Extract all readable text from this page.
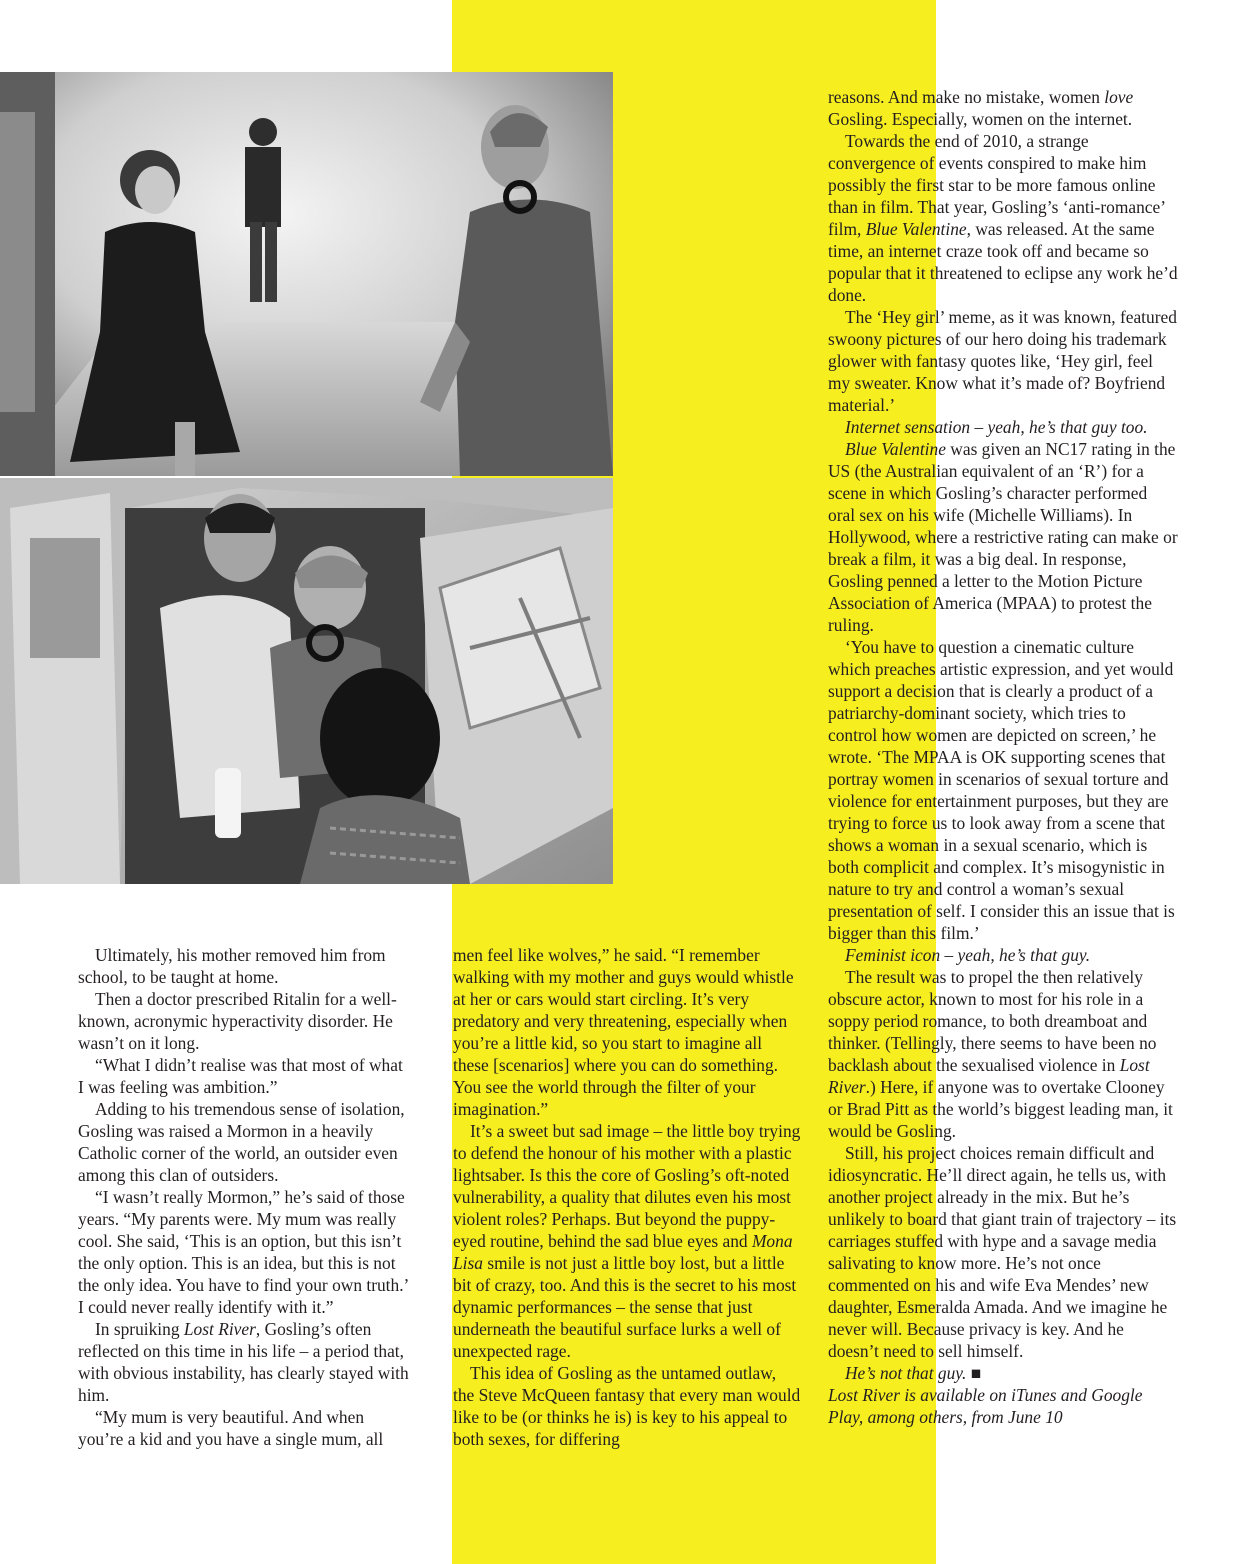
Ultimately, his mother removed him from school, to be taught at home.

Then a doctor prescribed Ritalin for a well-known, acronymic hyperactivity disorder. He wasn’t on it long.

“What I didn’t realise was that most of what I was feeling was ambition.”

Adding to his tremendous sense of isolation, Gosling was raised a Mormon in a heavily Catholic corner of the world, an outsider even among this clan of outsiders.

“I wasn’t really Mormon,” he’s said of those years. “My parents were. My mum was really cool. She said, ‘This is an option, but this isn’t the only option. This is an idea, but this is not the only idea. You have to find your own truth.’ I could never really identify with it.”

In spruiking Lost River, Gosling’s often reflected on this time in his life – a period that, with obvious instability, has clearly stayed with him.

“My mum is very beautiful. And when you’re a kid and you have a single mum, all

men feel like wolves,” he said. “I remember walking with my mother and guys would whistle at her or cars would start circling. It’s very predatory and very threatening, especially when you’re a little kid, so you start to imagine all these [scenarios] where you can do something. You see the world through the filter of your imagination.”

It’s a sweet but sad image – the little boy trying to defend the honour of his mother with a plastic lightsaber. Is this the core of Gosling’s oft-noted vulnerability, a quality that dilutes even his most violent roles? Perhaps. But beyond the puppy-eyed routine, behind the sad blue eyes and Mona Lisa smile is not just a little boy lost, but a little bit of crazy, too. And this is the secret to his most dynamic performances – the sense that just underneath the beautiful surface lurks a well of unexpected rage.

This idea of Gosling as the untamed outlaw, the Steve McQueen fantasy that every man would like to be (or thinks he is) is key to his appeal to both sexes, for differing

reasons. And make no mistake, women love Gosling. Especially, women on the internet.

Towards the end of 2010, a strange convergence of events conspired to make him possibly the first star to be more famous online than in film. That year, Gosling’s ‘anti-romance’ film, Blue Valentine, was released. At the same time, an internet craze took off and became so popular that it threatened to eclipse any work he’d done.

The ‘Hey girl’ meme, as it was known, featured swoony pictures of our hero doing his trademark glower with fantasy quotes like, ‘Hey girl, feel my sweater. Know what it’s made of? Boyfriend material.’

Internet sensation – yeah, he’s that guy too.

Blue Valentine was given an NC17 rating in the US (the Australian equivalent of an ‘R’) for a scene in which Gosling’s character performed oral sex on his wife (Michelle Williams). In Hollywood, where a restrictive rating can make or break a film, it was a big deal. In response, Gosling penned a letter to the Motion Picture Association of America (MPAA) to protest the ruling.

‘You have to question a cinematic culture which preaches artistic expression, and yet would support a decision that is clearly a product of a patriarchy-dominant society, which tries to control how women are depicted on screen,’ he wrote. ‘The MPAA is OK supporting scenes that portray women in scenarios of sexual torture and violence for entertainment purposes, but they are trying to force us to look away from a scene that shows a woman in a sexual scenario, which is both complicit and complex. It’s misogynistic in nature to try and control a woman’s sexual presentation of self. I consider this an issue that is bigger than this film.’

Feminist icon – yeah, he’s that guy.

The result was to propel the then relatively obscure actor, known to most for his role in a soppy period romance, to both dreamboat and thinker. (Tellingly, there seems to have been no backlash about the sexualised violence in Lost River.) Here, if anyone was to overtake Clooney or Brad Pitt as the world’s biggest leading man, it would be Gosling.

Still, his project choices remain difficult and idiosyncratic. He’ll direct again, he tells us, with another project already in the mix. But he’s unlikely to board that giant train of trajectory – its carriages stuffed with hype and a savage media salivating to know more. He’s not once commented on his and wife Eva Mendes’ new daughter, Esmeralda Amada. And we imagine he never will. Because privacy is key. And he doesn’t need to sell himself.

He’s not that guy. ■

Lost River is available on iTunes and Google Play, among others, from June 10
